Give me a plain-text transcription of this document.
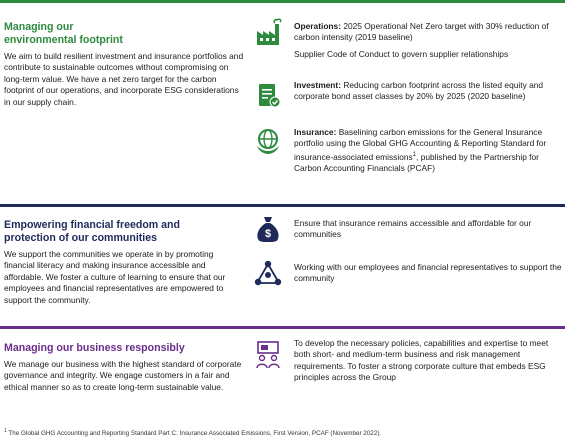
Managing our
environmental footprint

We aim to build resilient investment and insurance portfolios and contribute to sustainable outcomes without compromising on long-term value. We have a net zero target for the carbon footprint of our operations, and incorporate ESG considerations in our supply chain.

Operations: 2025 Operational Net Zero target with 30% reduction of carbon intensity (2019 baseline)
Supplier Code of Conduct to govern supplier relationships
Investment: Reducing carbon footprint across the listed equity and corporate bond asset classes by 20% by 2025 (2020 baseline)
Insurance: Baselining carbon emissions for the General Insurance portfolio using the Global GHG Accounting & Reporting Standard for insurance-associated emissions$^1$, published by the Partnership for Carbon Accounting Financials (PCAF)

Empowering financial freedom and
protection of our communities

We support the communities we operate in by promoting financial literacy and making insurance accessible and affordable. We foster a culture of learning to ensure that our employees and financial representatives are empowered to support the community.

$
Ensure that insurance remains accessible and affordable for our communities
Working with our employees and financial representatives to support the community

Managing our business responsibly

We manage our business with the highest standard of corporate governance and integrity. We engage customers in a fair and ethical manner so as to create long-term sustainable value.

To develop the necessary policies, capabilities and expertise to meet both short- and medium-term business and risk management requirements. To foster a strong corporate culture that embeds ESG principles across the Group
$^1$ The Global GHG Accounting and Reporting Standard Part C: Insurance Associated Emissions, First Version, PCAF (November 2022).
